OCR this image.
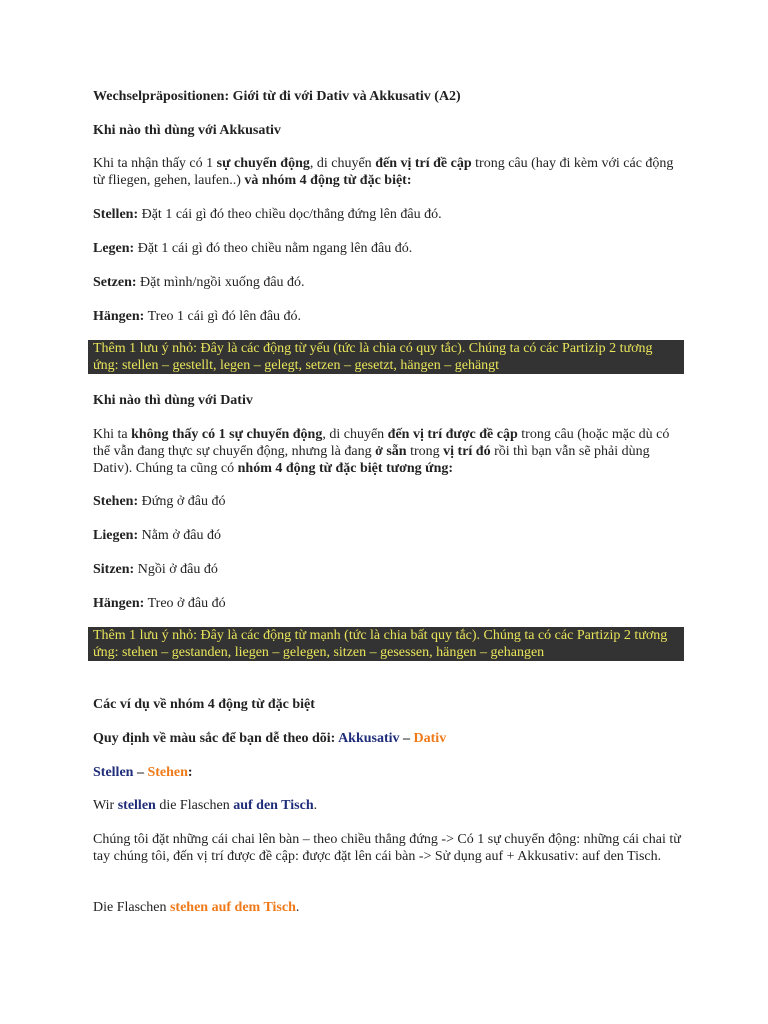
Wechselpräpositionen: Giới từ đi với Dativ và Akkusativ (A2)

Khi nào thì dùng với Akkusativ

Khi ta nhận thấy có 1 sự chuyển động, di chuyển đến vị trí đề cập trong câu (hay đi kèm với các động từ fliegen, gehen, laufen..) và nhóm 4 động từ đặc biệt:

Stellen: Đặt 1 cái gì đó theo chiều dọc/thẳng đứng lên đâu đó.

Legen: Đặt 1 cái gì đó theo chiều nằm ngang lên đâu đó.

Setzen: Đặt mình/ngồi xuống đâu đó.

Hängen: Treo 1 cái gì đó lên đâu đó.

Thêm 1 lưu ý nhỏ: Đây là các động từ yếu (tức là chia có quy tắc). Chúng ta có các Partizip 2 tương ứng: stellen – gestellt, legen – gelegt, setzen – gesetzt, hängen – gehängt

Khi nào thì dùng với Dativ

Khi ta không thấy có 1 sự chuyển động, di chuyển đến vị trí được đề cập trong câu (hoặc mặc dù có thể vẫn đang thực sự chuyển động, nhưng là đang ở sẵn trong vị trí đó rồi thì bạn vẫn sẽ phải dùng Dativ). Chúng ta cũng có nhóm 4 động từ đặc biệt tương ứng:

Stehen: Đứng ở đâu đó

Liegen: Nằm ở đâu đó

Sitzen: Ngồi ở đâu đó

Hängen: Treo ở đâu đó

Thêm 1 lưu ý nhỏ: Đây là các động từ mạnh (tức là chia bất quy tắc). Chúng ta có các Partizip 2 tương ứng: stehen – gestanden, liegen – gelegen, sitzen – gesessen, hängen – gehangen

Các ví dụ về nhóm 4 động từ đặc biệt

Quy định về màu sắc để bạn dễ theo dõi: Akkusativ – Dativ

Stellen – Stehen:

Wir stellen die Flaschen auf den Tisch.

Chúng tôi đặt những cái chai lên bàn – theo chiều thẳng đứng -> Có 1 sự chuyển động: những cái chai từ tay chúng tôi, đến vị trí được đề cập: được đặt lên cái bàn -> Sử dụng auf + Akkusativ: auf den Tisch.

Die Flaschen stehen auf dem Tisch.
